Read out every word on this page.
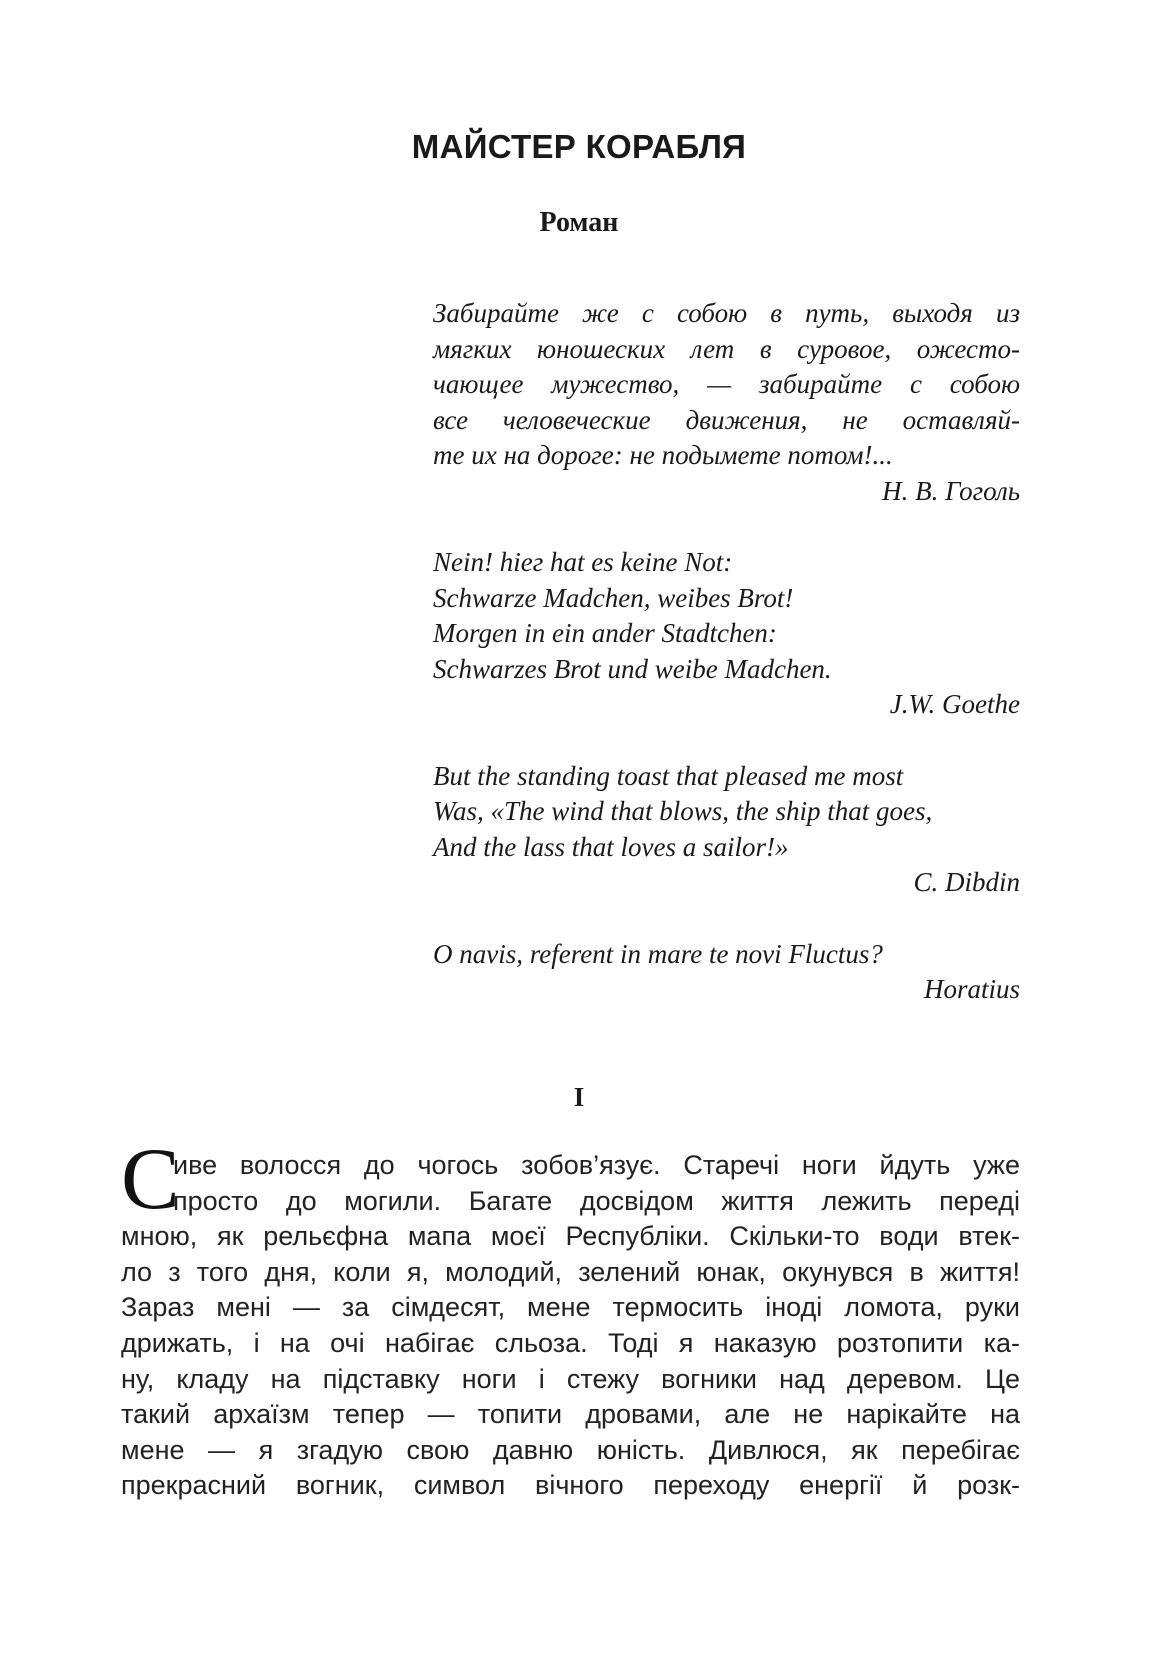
МАЙСТЕР КОРАБЛЯ
Роман
Забирайте же с собою в путь, выходя из
мягких юношеских лет в суровое, ожесто-
чающее мужество, — забирайте с собою
все человеческие движения, не оставляй-
те их на дороге: не подымете потом!...
Н. В. Гоголь
Nein! hieг hat es keine Not:
Schwarze Madchen, weibes Brot!
Morgen in ein ander Stadtchen:
Schwarzes Brot und weibe Madchen.
J.W. Goethe
But the standing toast that pleased me most
Was, «The wind that blows, the ship that goes,
And the lass that loves a sailor!»
C. Dibdin
O navis, referent in mare te novi Fluctus?
Horatius
I
С
иве волосся до чогось зобов’язує. Старечі ноги йдуть уже
просто до могили. Багате досвідом життя лежить переді
мною, як рельєфна мапа моєї Республіки. Скільки-то води втек-
ло з того дня, коли я, молодий, зелений юнак, окунувся в життя!
Зараз мені — за сімдесят, мене термосить іноді ломота, руки
дрижать, і на очі набігає сльоза. Тоді я наказую розтопити ка-
ну, кладу на підставку ноги і стежу вогники над деревом. Це
такий архаїзм тепер — топити дровами, але не нарікайте на
мене — я згадую свою давню юність. Дивлюся, як перебігає
прекрасний вогник, символ вічного переходу енергії й розк-
